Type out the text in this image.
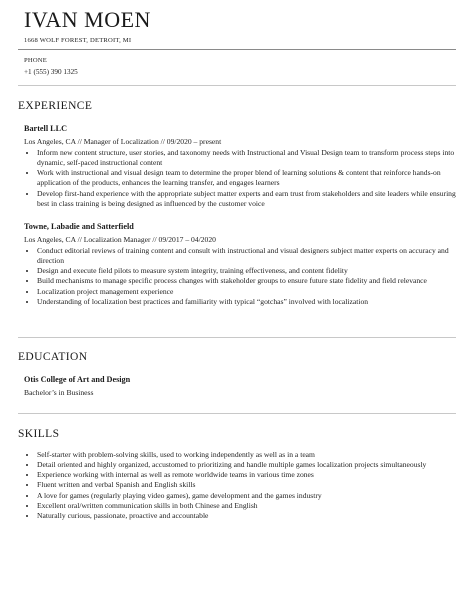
IVAN MOEN
1668 WOLF FOREST, DETROIT, MI
PHONE
+1 (555) 390 1325
EXPERIENCE
Bartell LLC
Los Angeles, CA // Manager of Localization // 09/2020 – present
• Inform new content structure, user stories, and taxonomy needs with Instructional and Visual Design team to transform process steps into dynamic, self-paced instructional content
• Work with instructional and visual design team to determine the proper blend of learning solutions & content that reinforce hands-on application of the products, enhances the learning transfer, and engages learners
• Develop first-hand experience with the appropriate subject matter experts and earn trust from stakeholders and site leaders while ensuring best in class training is being designed as influenced by the customer voice
Towne, Labadie and Satterfield
Los Angeles, CA // Localization Manager // 09/2017 – 04/2020
• Conduct editorial reviews of training content and consult with instructional and visual designers subject matter experts on accuracy and direction
• Design and execute field pilots to measure system integrity, training effectiveness, and content fidelity
• Build mechanisms to manage specific process changes with stakeholder groups to ensure future state fidelity and field relevance
• Localization project management experience
• Understanding of localization best practices and familiarity with typical “gotchas” involved with localization
EDUCATION
Otis College of Art and Design
Bachelor’s in Business
SKILLS
• Self-starter with problem-solving skills, used to working independently as well as in a team
• Detail oriented and highly organized, accustomed to prioritizing and handle multiple games localization projects simultaneously
• Experience working with internal as well as remote worldwide teams in various time zones
• Fluent written and verbal Spanish and English skills
• A love for games (regularly playing video games), game development and the games industry
• Excellent oral/written communication skills in both Chinese and English
• Naturally curious, passionate, proactive and accountable
